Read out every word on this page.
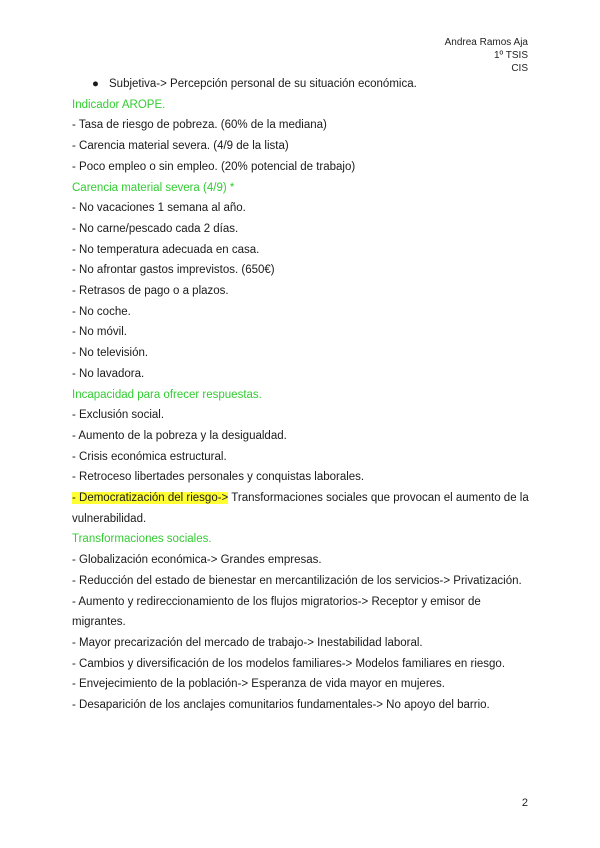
Andrea Ramos Aja
1º TSIS
CIS

● Subjetiva-> Percepción personal de su situación económica.

Indicador AROPE.

- Tasa de riesgo de pobreza. (60% de la mediana)

- Carencia material severa. (4/9 de la lista)

- Poco empleo o sin empleo. (20% potencial de trabajo)

Carencia material severa (4/9) *

- No vacaciones 1 semana al año.

- No carne/pescado cada 2 días.

- No temperatura adecuada en casa.

- No afrontar gastos imprevistos. (650€)

- Retrasos de pago o a plazos.

- No coche.

- No móvil.

- No televisión.

- No lavadora.

Incapacidad para ofrecer respuestas.

- Exclusión social.

- Aumento de la pobreza y la desigualdad.

- Crisis económica estructural.

- Retroceso libertades personales y conquistas laborales.

- Democratización del riesgo-> Transformaciones sociales que provocan el aumento de la vulnerabilidad.

Transformaciones sociales.

- Globalización económica-> Grandes empresas.

- Reducción del estado de bienestar en mercantilización de los servicios-> Privatización.

- Aumento y redireccionamiento de los flujos migratorios-> Receptor y emisor de migrantes.

- Mayor precarización del mercado de trabajo-> Inestabilidad laboral.

- Cambios y diversificación de los modelos familiares-> Modelos familiares en riesgo.

- Envejecimiento de la población-> Esperanza de vida mayor en mujeres.

- Desaparición de los anclajes comunitarios fundamentales-> No apoyo del barrio.

2
